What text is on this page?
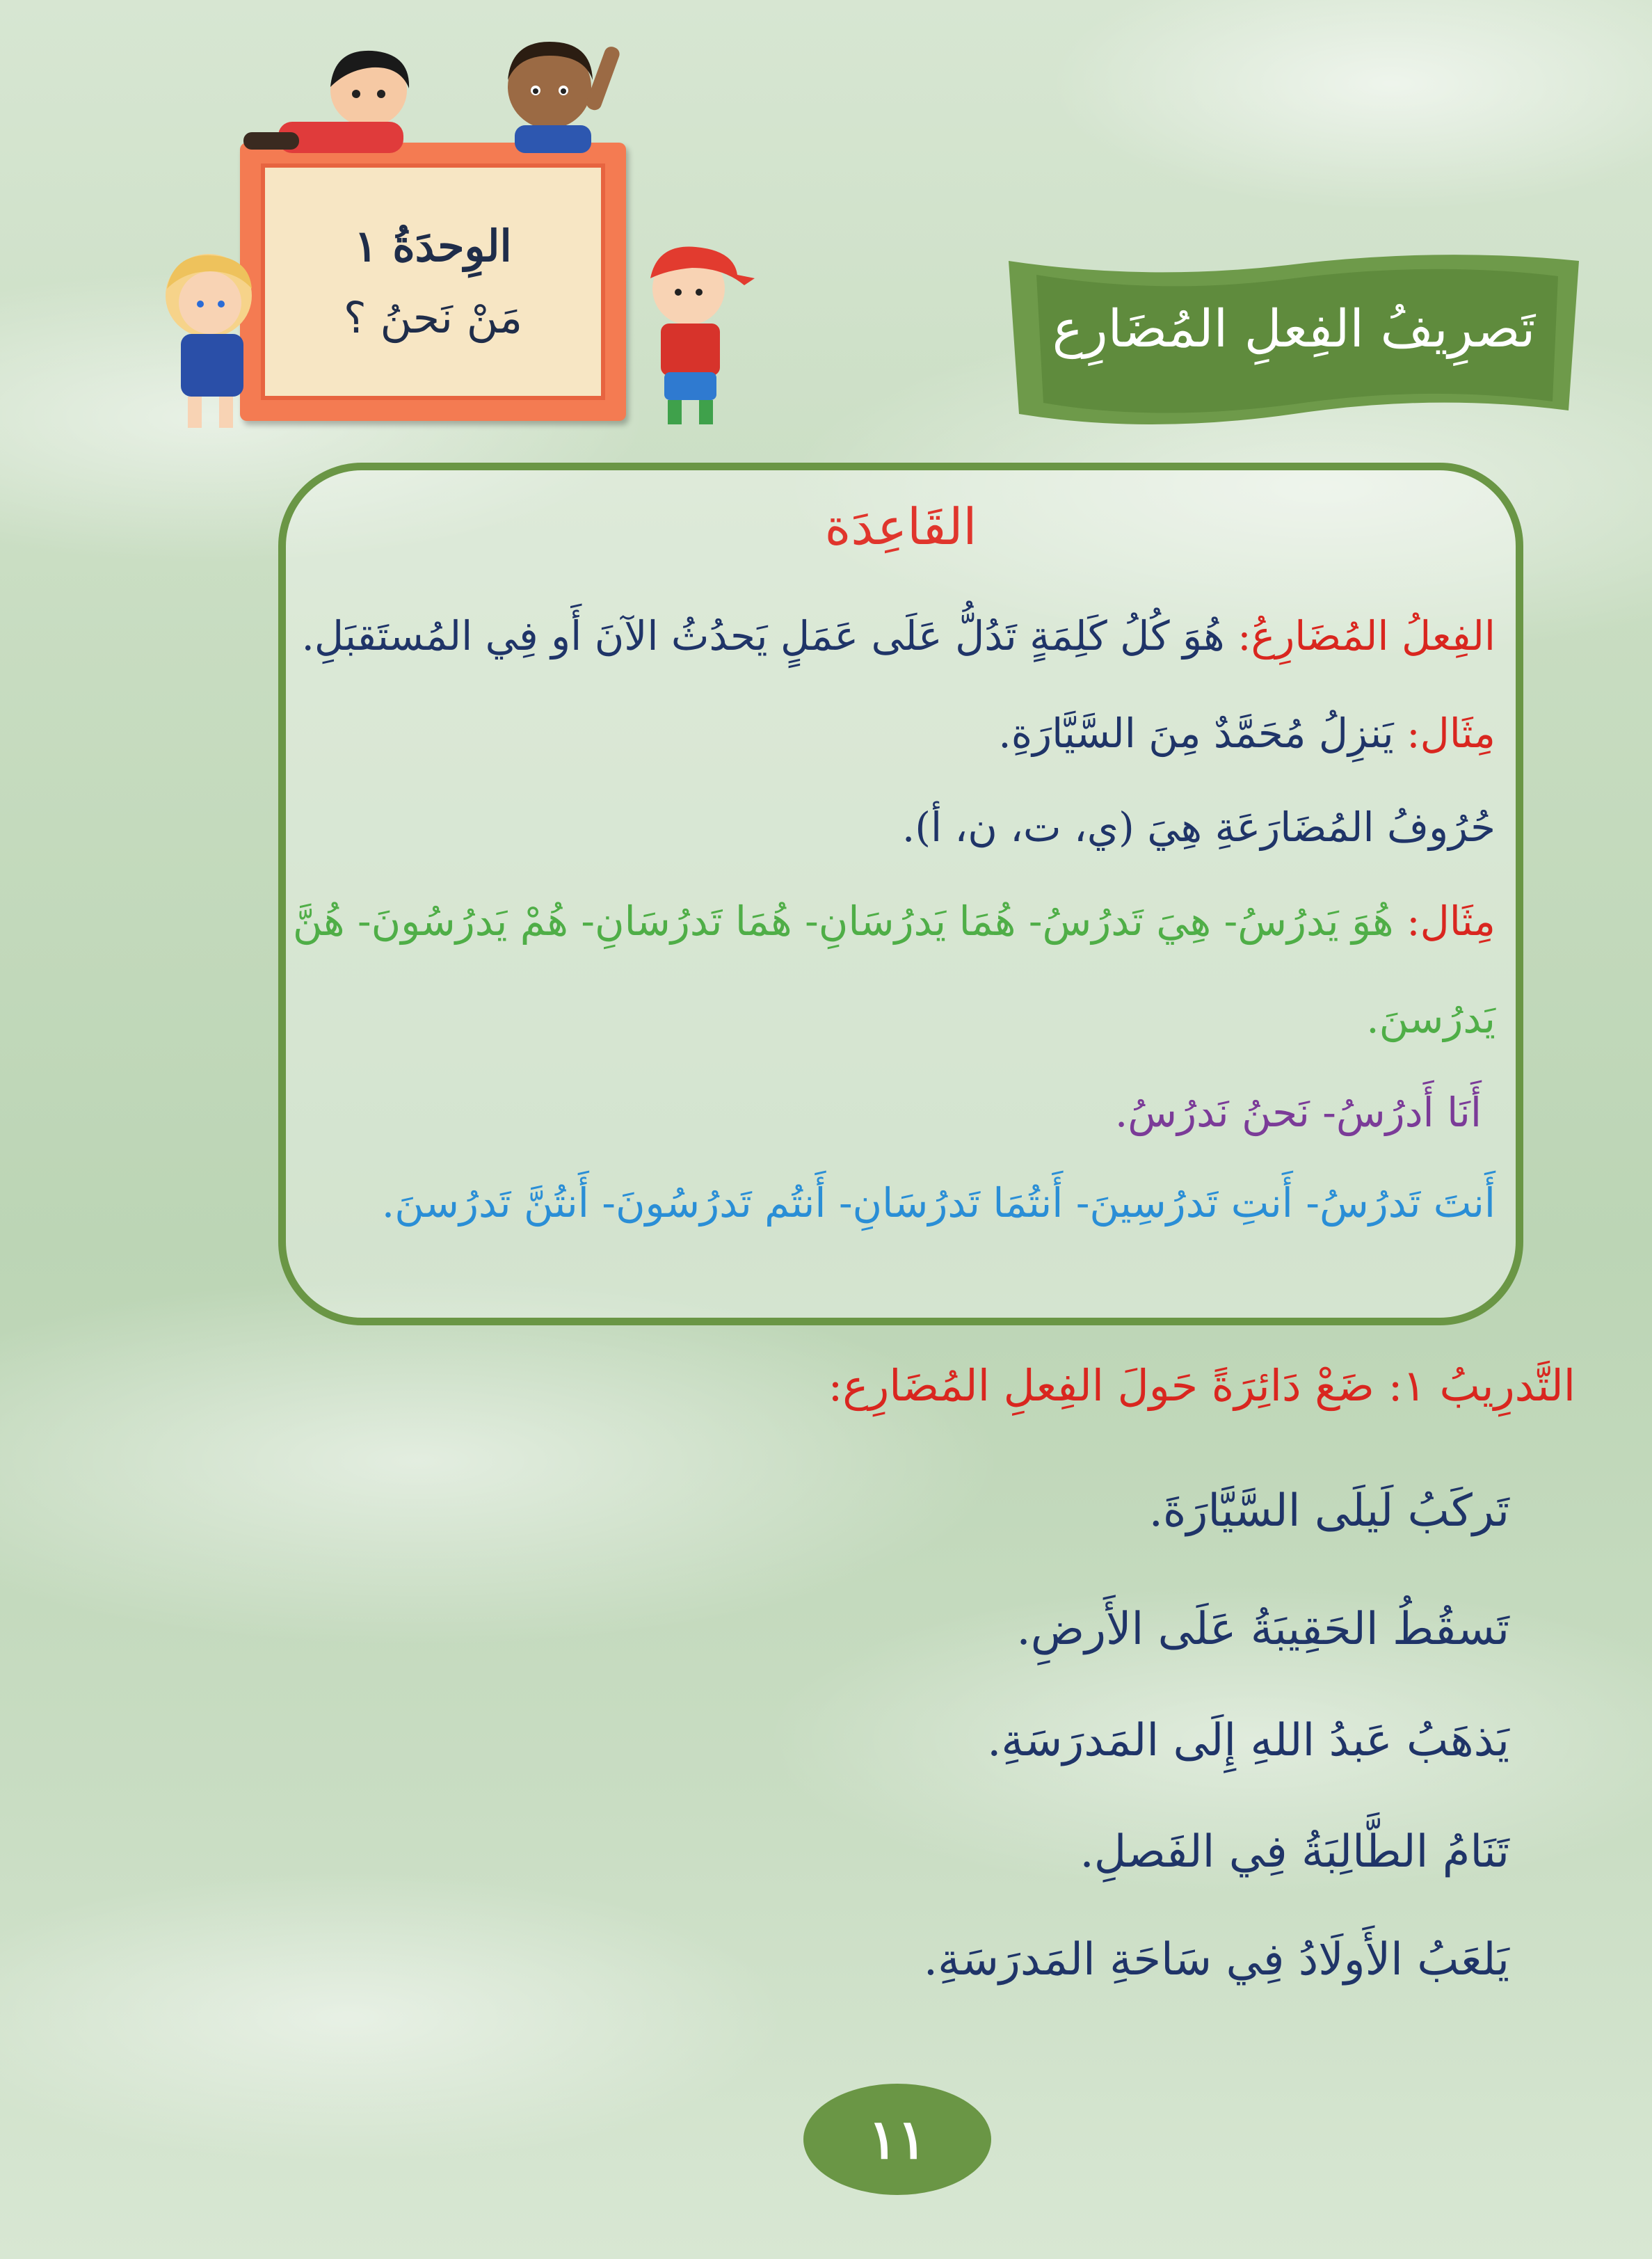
الوِحدَةُ ١
مَنْ نَحنُ ؟	تَصرِيفُ الفِعلِ المُضَارِع
القَاعِدَة
الفِعلُ المُضَارِعُ: هُوَ كُلُ كَلِمَةٍ تَدُلُّ عَلَى عَمَلٍ يَحدُثُ الآنَ أَو فِي المُستَقبَلِ.
مِثَال: يَنزِلُ مُحَمَّدٌ مِنَ السَّيَّارَةِ.
حُرُوفُ المُضَارَعَةِ هِيَ (ي، ت، ن، أ).
مِثَال: هُوَ يَدرُسُ- هِيَ تَدرُسُ- هُمَا يَدرُسَانِ- هُمَا تَدرُسَانِ- هُمْ يَدرُسُونَ- هُنَّ
يَدرُسنَ.
أَنَا أَدرُسُ- نَحنُ نَدرُسُ.
أَنتَ تَدرُسُ- أَنتِ تَدرُسِينَ- أَنتُمَا تَدرُسَانِ- أَنتُم تَدرُسُونَ- أَنتُنَّ تَدرُسنَ.
التَّدرِيبُ ١: ضَعْ دَائِرَةً حَولَ الفِعلِ المُضَارِع:
تَركَبُ لَيلَى السَّيَّارَةَ.
تَسقُطُ الحَقِيبَةُ عَلَى الأَرضِ.
يَذهَبُ عَبدُ اللهِ إِلَى المَدرَسَةِ.
تَنَامُ الطَّالِبَةُ فِي الفَصلِ.
يَلعَبُ الأَولَادُ فِي سَاحَةِ المَدرَسَةِ.
١١
